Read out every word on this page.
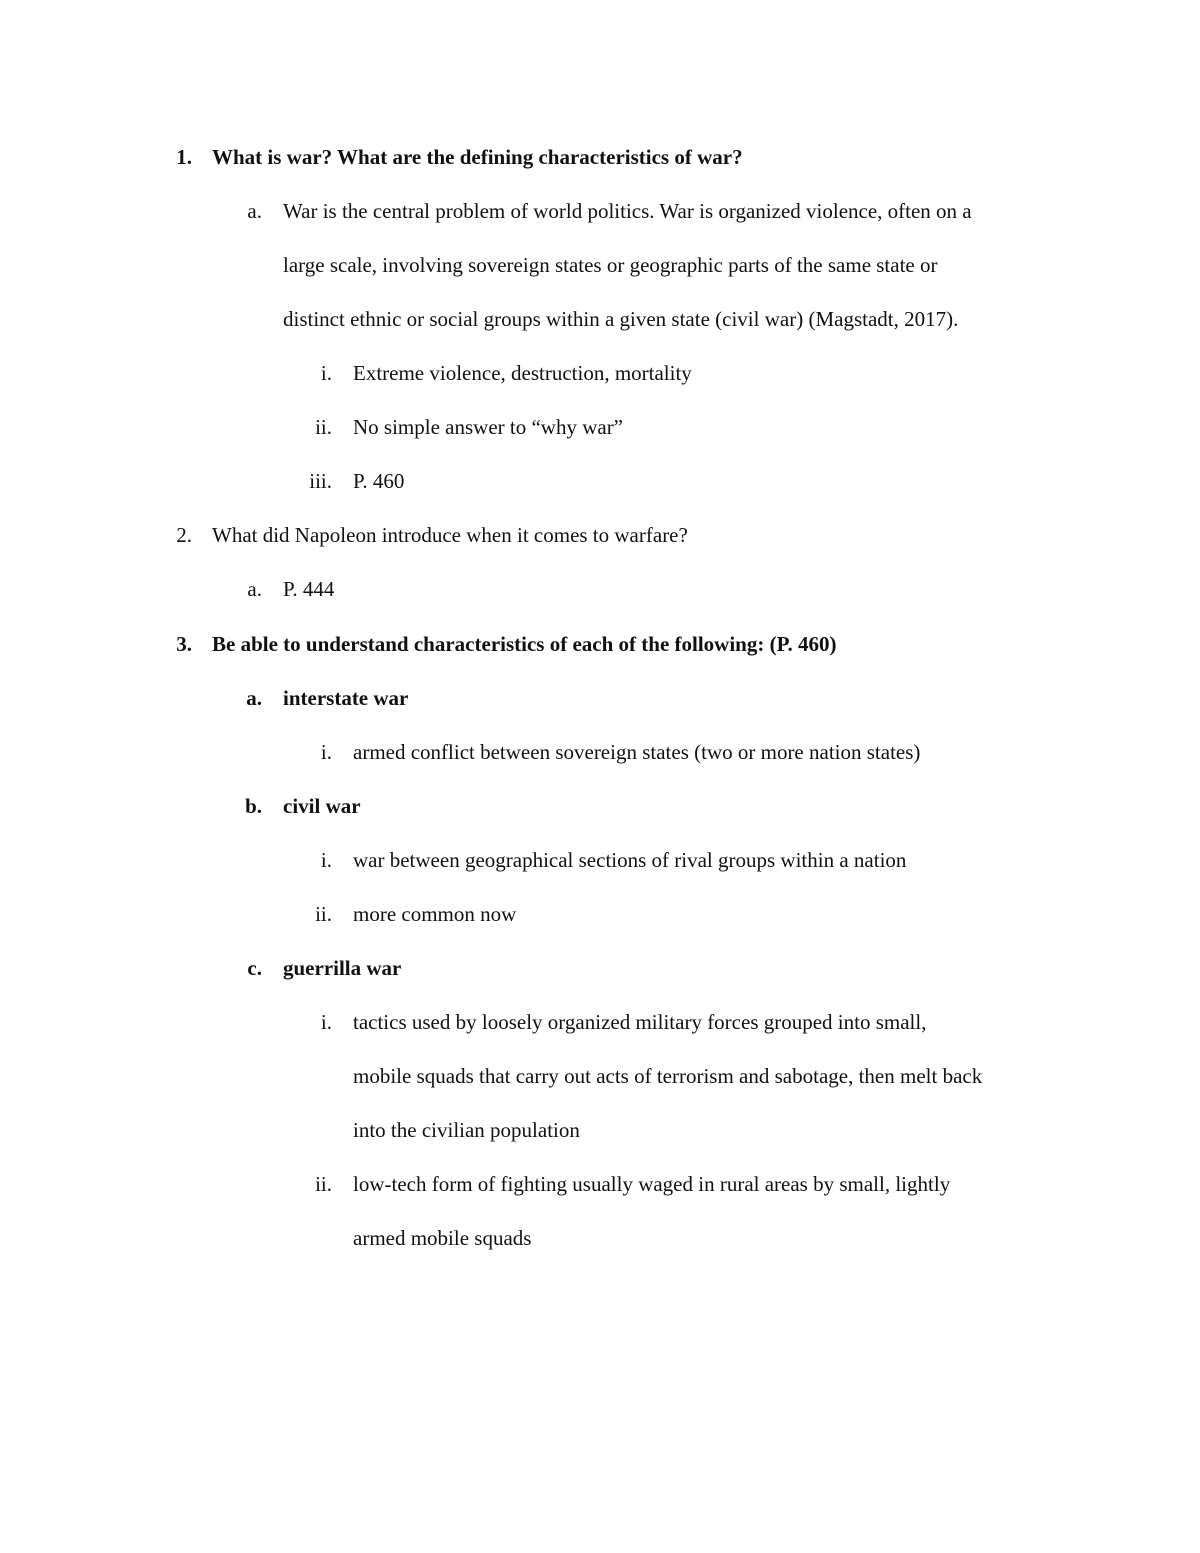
1. What is war? What are the defining characteristics of war?
a. War is the central problem of world politics. War is organized violence, often on a
large scale, involving sovereign states or geographic parts of the same state or
distinct ethnic or social groups within a given state (civil war) (Magstadt, 2017).
i. Extreme violence, destruction, mortality
ii. No simple answer to “why war”
iii. P. 460
2. What did Napoleon introduce when it comes to warfare?
a. P. 444
3. Be able to understand characteristics of each of the following: (P. 460)
a. interstate war
i. armed conflict between sovereign states (two or more nation states)
b. civil war
i. war between geographical sections of rival groups within a nation
ii. more common now
c. guerrilla war
i. tactics used by loosely organized military forces grouped into small,
mobile squads that carry out acts of terrorism and sabotage, then melt back
into the civilian population
ii. low-tech form of fighting usually waged in rural areas by small, lightly
armed mobile squads
